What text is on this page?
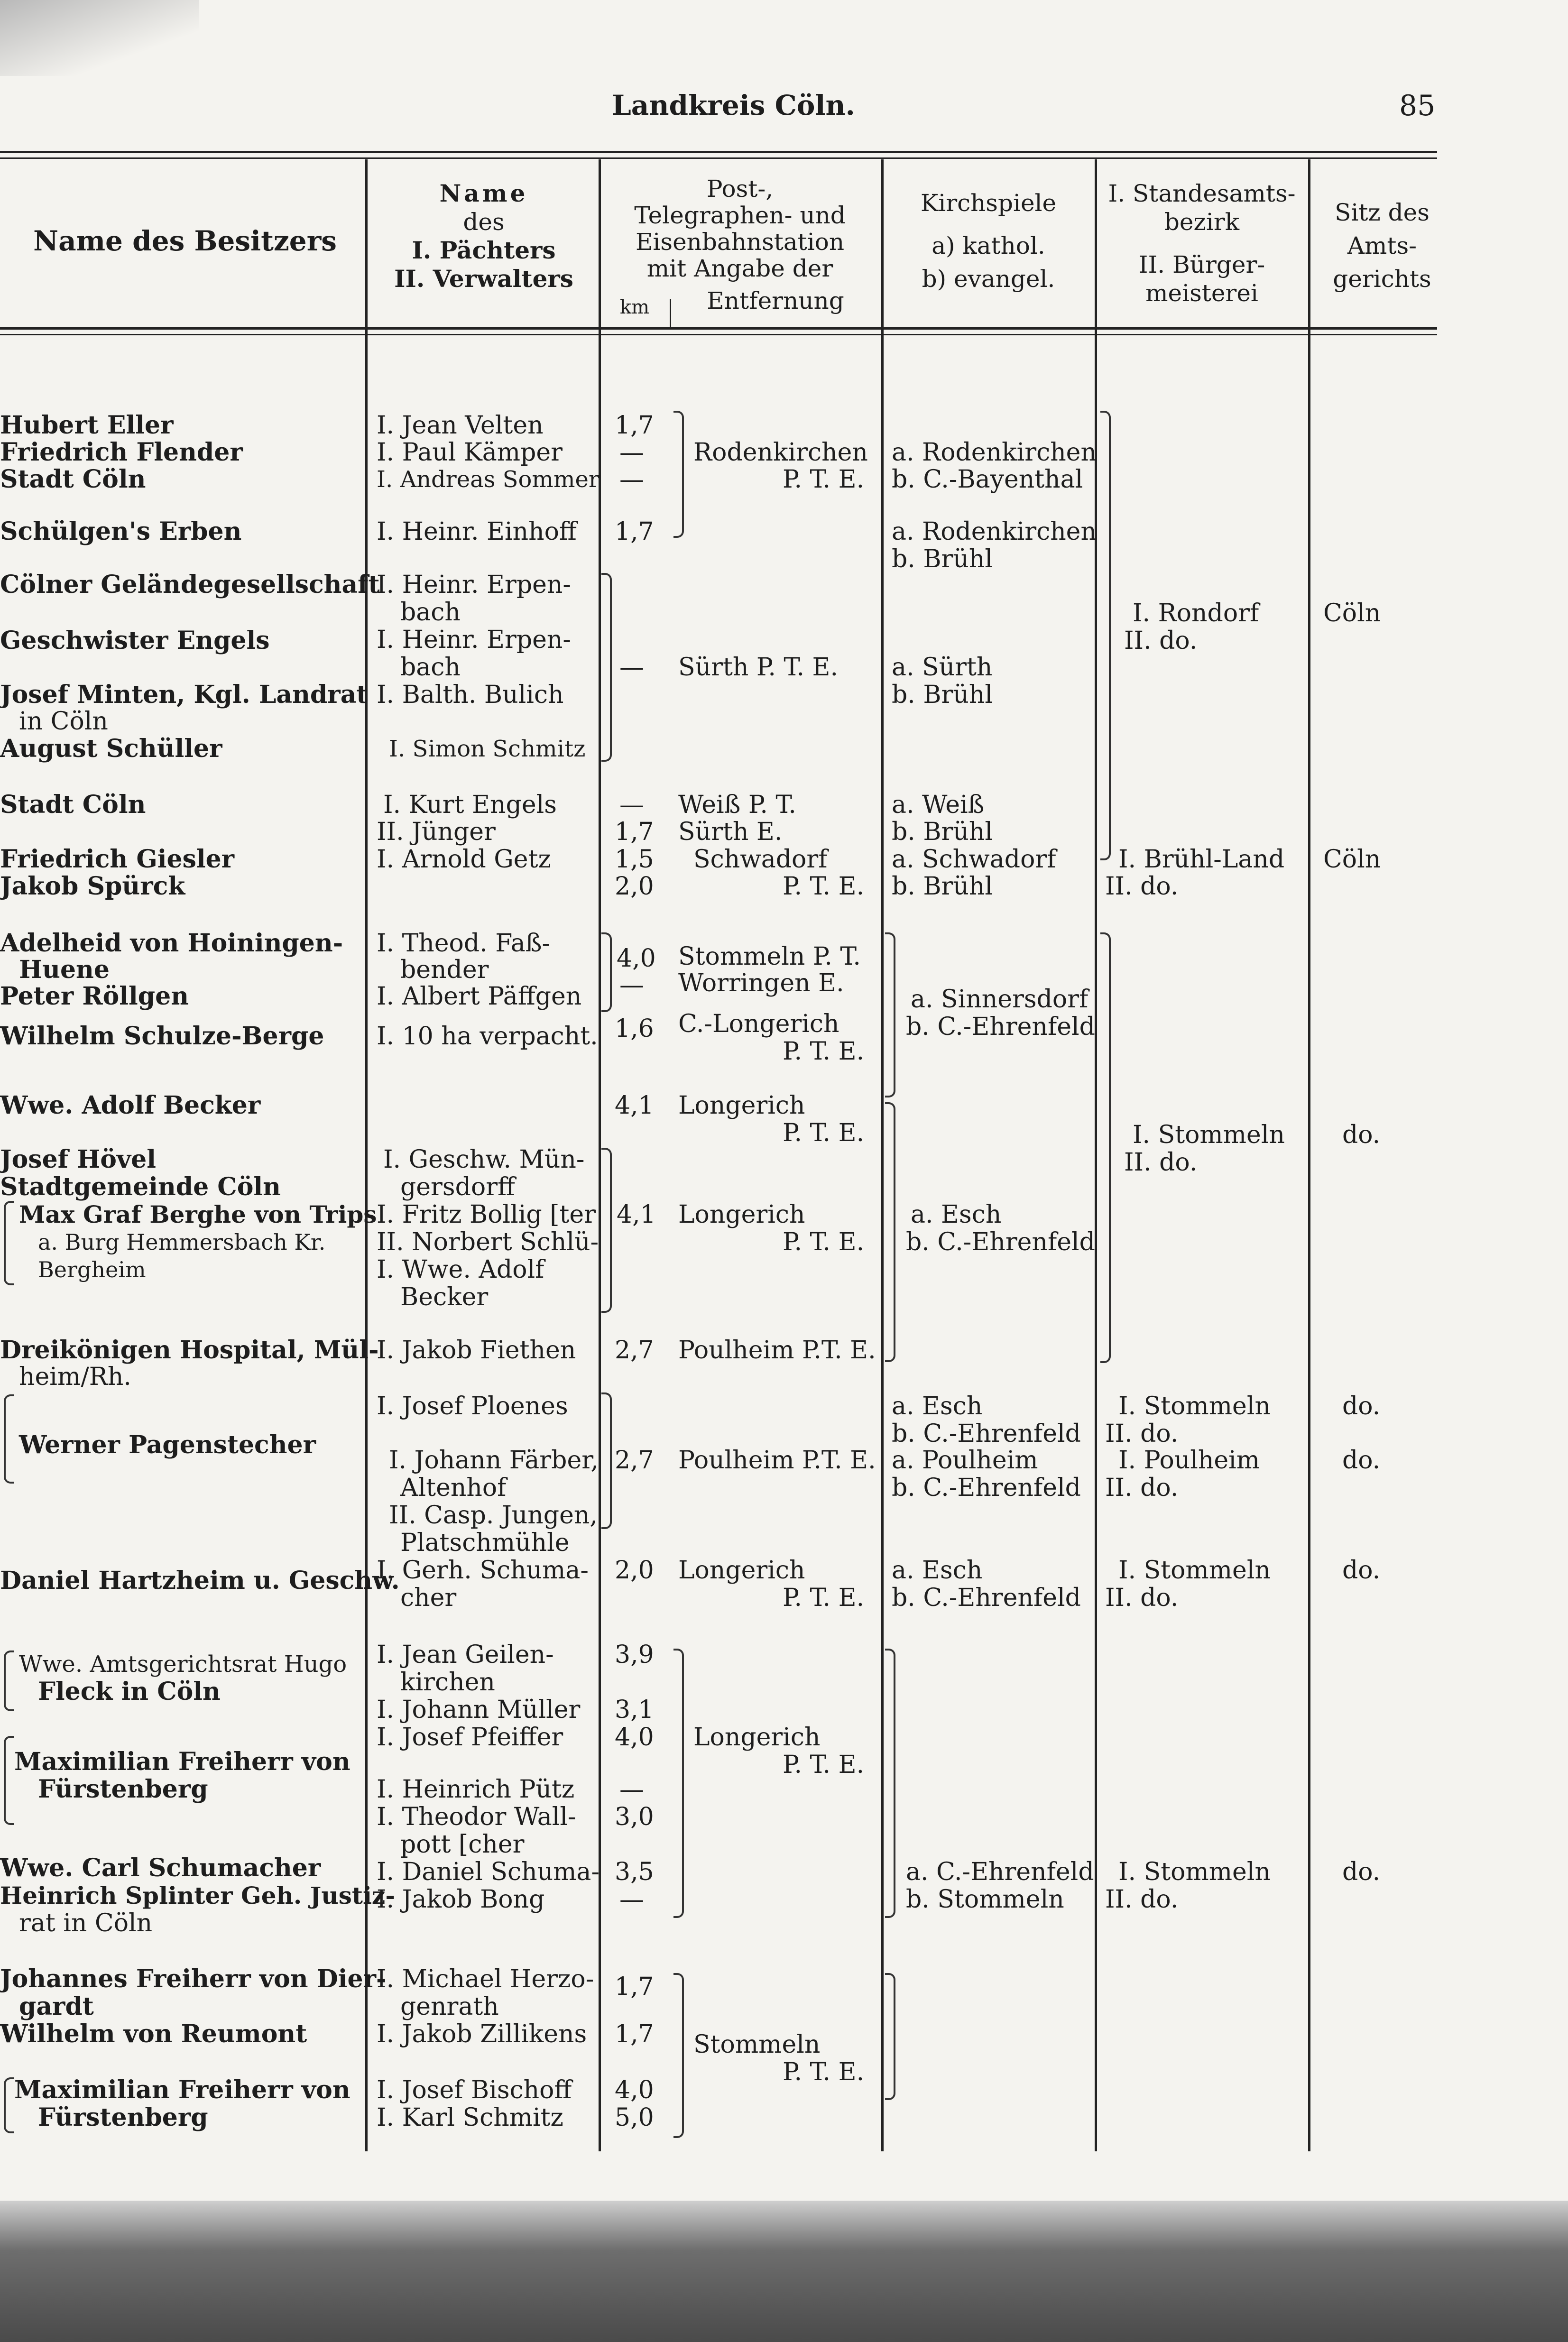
Landkreis Cöln.	85
Name des Besitzers
Name
des
I. Pächters
II. Verwalters
Post-,
Telegraphen- und
Eisenbahnstation
mit Angabe der
km	Entfernung
Kirchspiele
a) kathol.
b) evangel.
I. Standesamts-
bezirk
II. Bürger-
meisterei
Sitz des
Amts-
gerichts
Hubert Eller
Friedrich Flender
Stadt Cöln
Schülgen's Erben
Cölner Geländegesellschaft
Geschwister Engels
Josef Minten, Kgl. Landrat
in Cöln
August Schüller
Stadt Cöln
Friedrich Giesler
Jakob Spürck
Adelheid von Hoiningen-
Huene
Peter Röllgen
Wilhelm Schulze-Berge
Wwe. Adolf Becker
Josef Hövel
Stadtgemeinde Cöln
Max Graf Berghe von Trips
a. Burg Hemmersbach Kr.
Bergheim
Dreikönigen Hospital, Mül-
heim/Rh.
Werner Pagenstecher
Daniel Hartzheim u. Geschw.
Wwe. Amtsgerichtsrat Hugo
Fleck in Cöln
Maximilian Freiherr von
Fürstenberg
Wwe. Carl Schumacher
Heinrich Splinter Geh. Justiz-
rat in Cöln
Johannes Freiherr von Dier-
gardt
Wilhelm von Reumont
Maximilian Freiherr von
Fürstenberg
I. Jean Velten
I. Paul Kämper
I. Andreas Sommer
I. Heinr. Einhoff
I. Heinr. Erpen-
bach
I. Heinr. Erpen-
bach
I. Balth. Bulich
I. Simon Schmitz
I. Kurt Engels
II. Jünger
I. Arnold Getz
I. Theod. Faß-
bender
I. Albert Päffgen
I. 10 ha verpacht.
I. Geschw. Mün-
gersdorff
I. Fritz Bollig [ter
II. Norbert Schlü-
I. Wwe. Adolf
Becker
I. Jakob Fiethen
I. Josef Ploenes
I. Johann Färber,
Altenhof
II. Casp. Jungen,
Platschmühle
I. Gerh. Schuma-
cher
I. Jean Geilen-
kirchen
I. Johann Müller
I. Josef Pfeiffer
I. Heinrich Pütz
I. Theodor Wall-
pott [cher
I. Daniel Schuma-
I. Jakob Bong
I. Michael Herzo-
genrath
I. Jakob Zillikens
I. Josef Bischoff
I. Karl Schmitz
1,7
—
—
1,7
—
—
1,7
1,5
2,0
4,0
—
1,6
4,1
4,1
2,7
2,7
2,0
3,9
3,1
4,0
—
3,0
3,5
—
1,7
1,7
4,0
5,0
Rodenkirchen
P. T. E.
Sürth P. T. E.
Weiß P. T.
Sürth E.
Schwadorf
P. T. E.
Stommeln P. T.
Worringen E.
C.-Longerich
P. T. E.
Longerich
P. T. E.
Longerich
P. T. E.
Poulheim P.T. E.
Poulheim P.T. E.
Longerich
P. T. E.
Longerich
P. T. E.
Stommeln
P. T. E.
a. Rodenkirchen
b. C.-Bayenthal
a. Rodenkirchen
b. Brühl
a. Sürth
b. Brühl
a. Weiß
b. Brühl
a. Schwadorf
b. Brühl
a. Sinnersdorf
b. C.-Ehrenfeld
a. Esch
b. C.-Ehrenfeld
a. Esch
b. C.-Ehrenfeld
a. Poulheim
b. C.-Ehrenfeld
a. Esch
b. C.-Ehrenfeld
a. C.-Ehrenfeld
b. Stommeln
I. Rondorf
II. do.
I. Brühl-Land
II. do.
I. Stommeln
II. do.
I. Stommeln
II. do.
I. Poulheim
II. do.
I. Stommeln
II. do.
I. Stommeln
II. do.
Cöln
Cöln
do.
do.
do.
do.
do.
